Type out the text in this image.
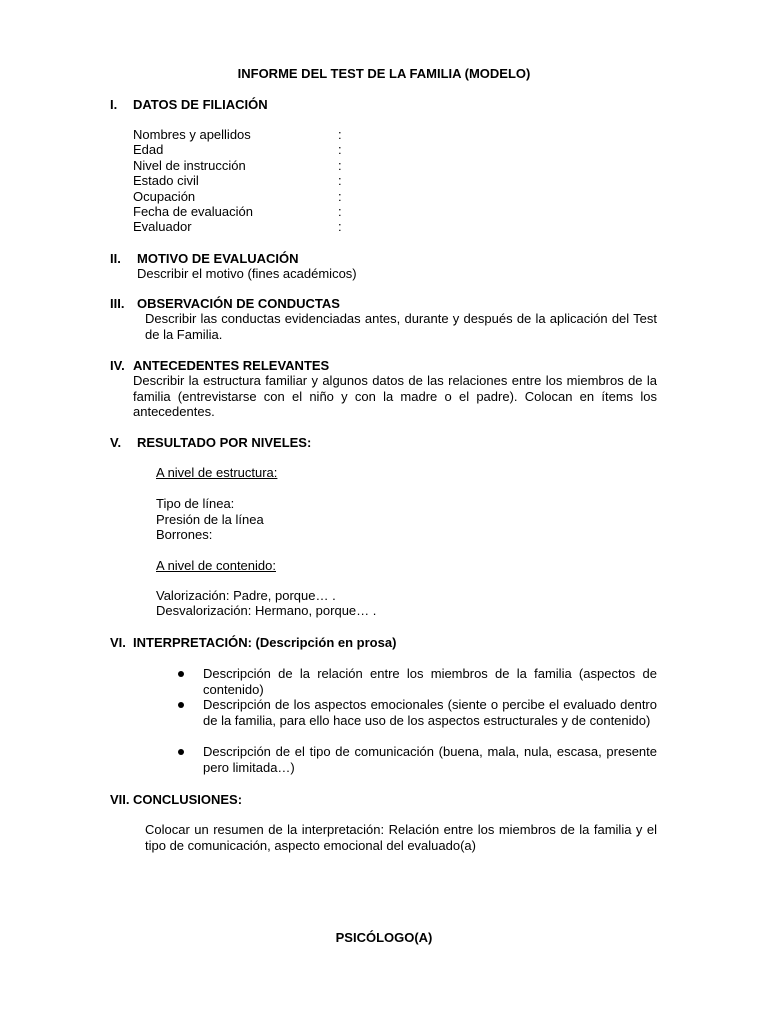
INFORME DEL TEST DE LA FAMILIA (MODELO)
I. DATOS DE FILIACIÓN
Nombres y apellidos
Edad
Nivel de instrucción
Estado civil
Ocupación
Fecha de evaluación
Evaluador
:
:
:
:
:
:
:
II. MOTIVO DE EVALUACIÓN
Describir el motivo (fines académicos)
III. OBSERVACIÓN DE CONDUCTAS
Describir las conductas evidenciadas antes, durante y después de la aplicación del Test de la Familia.
IV. ANTECEDENTES RELEVANTES
Describir la estructura familiar y algunos datos de las relaciones entre los miembros de la familia (entrevistarse con el niño y con la madre o el padre). Colocan en ítems los antecedentes.
V. RESULTADO POR NIVELES:
A nivel de estructura:
Tipo de línea:
Presión de la línea
Borrones:
A nivel de contenido:
Valorización: Padre, porque… .
Desvalorización: Hermano, porque… .
VI. INTERPRETACIÓN: (Descripción en prosa)
Descripción de la relación entre los miembros de la familia (aspectos de contenido)
Descripción de los aspectos emocionales (siente o percibe el evaluado dentro de la familia, para ello hace uso de los aspectos estructurales y de contenido)
Descripción de el tipo de comunicación (buena, mala, nula, escasa, presente pero limitada…)
VII. CONCLUSIONES:
Colocar un resumen de la interpretación: Relación entre los miembros de la familia y el tipo de comunicación, aspecto emocional del evaluado(a)
PSICÓLOGO(A)
